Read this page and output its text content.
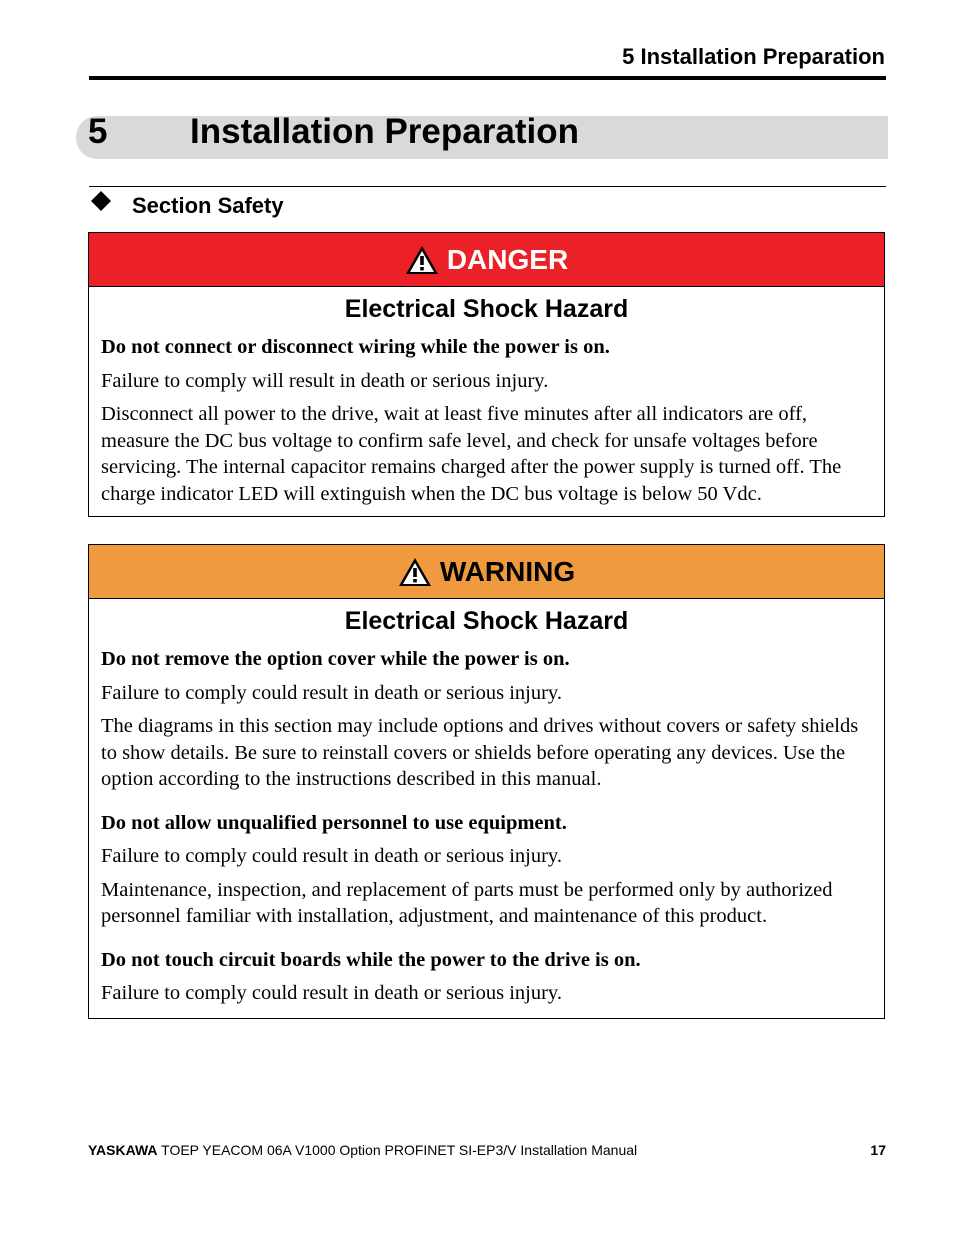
5 Installation Preparation
5 Installation Preparation
Section Safety
DANGER
Electrical Shock Hazard

Do not connect or disconnect wiring while the power is on.

Failure to comply will result in death or serious injury.

Disconnect all power to the drive, wait at least five minutes after all indicators are off, measure the DC bus voltage to confirm safe level, and check for unsafe voltages before servicing. The internal capacitor remains charged after the power supply is turned off. The charge indicator LED will extinguish when the DC bus voltage is below 50 Vdc.

WARNING
Electrical Shock Hazard

Do not remove the option cover while the power is on.

Failure to comply could result in death or serious injury.

The diagrams in this section may include options and drives without covers or safety shields to show details. Be sure to reinstall covers or shields before operating any devices. Use the option according to the instructions described in this manual.

Do not allow unqualified personnel to use equipment.

Failure to comply could result in death or serious injury.

Maintenance, inspection, and replacement of parts must be performed only by authorized personnel familiar with installation, adjustment, and maintenance of this product.

Do not touch circuit boards while the power to the drive is on.

Failure to comply could result in death or serious injury.

YASKAWA TOEP YEACOM 06A V1000 Option PROFINET SI-EP3/V Installation Manual	17
